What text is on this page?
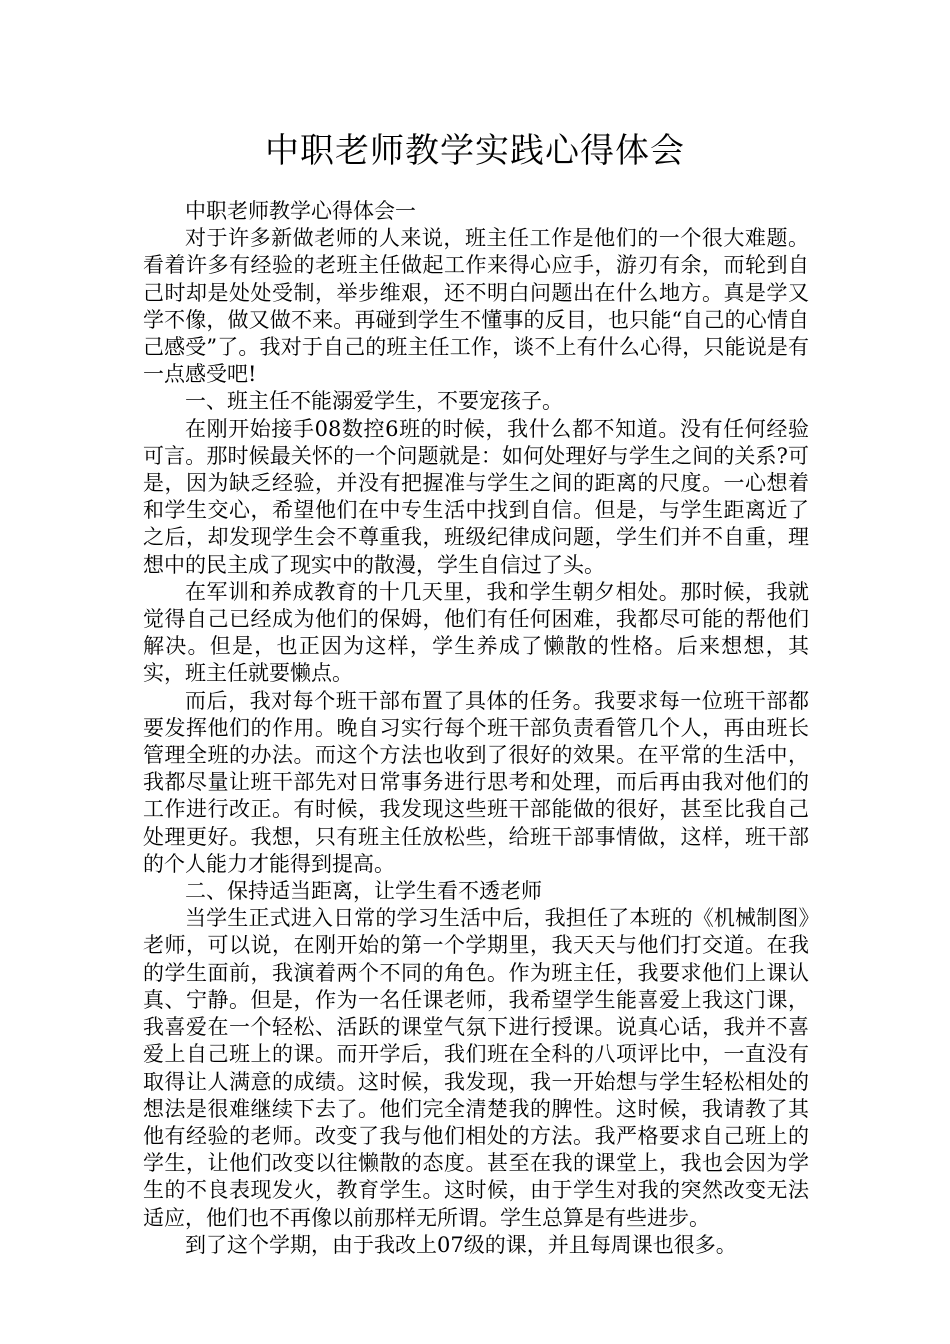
中职老师教学实践心得体会

中职老师教学心得体会一

对于许多新做老师的人来说，班主任工作是他们的一个很大难题。看着许多有经验的老班主任做起工作来得心应手，游刃有余，而轮到自己时却是处处受制，举步维艰，还不明白问题出在什么地方。真是学又学不像，做又做不来。再碰到学生不懂事的反目，也只能“自己的心情自己感受”了。我对于自己的班主任工作，谈不上有什么心得，只能说是有一点感受吧!

一、班主任不能溺爱学生，不要宠孩子。

在刚开始接手08数控6班的时候，我什么都不知道。没有任何经验可言。那时候最关怀的一个问题就是：如何处理好与学生之间的关系?可是，因为缺乏经验，并没有把握准与学生之间的距离的尺度。一心想着和学生交心，希望他们在中专生活中找到自信。但是，与学生距离近了之后，却发现学生会不尊重我，班级纪律成问题，学生们并不自重，理想中的民主成了现实中的散漫，学生自信过了头。

在军训和养成教育的十几天里，我和学生朝夕相处。那时候，我就觉得自己已经成为他们的保姆，他们有任何困难，我都尽可能的帮他们解决。但是，也正因为这样，学生养成了懒散的性格。后来想想，其实，班主任就要懒点。

而后，我对每个班干部布置了具体的任务。我要求每一位班干部都要发挥他们的作用。晚自习实行每个班干部负责看管几个人，再由班长管理全班的办法。而这个方法也收到了很好的效果。在平常的生活中，我都尽量让班干部先对日常事务进行思考和处理，而后再由我对他们的工作进行改正。有时候，我发现这些班干部能做的很好，甚至比我自己处理更好。我想，只有班主任放松些，给班干部事情做，这样，班干部的个人能力才能得到提高。

二、保持适当距离，让学生看不透老师

当学生正式进入日常的学习生活中后，我担任了本班的《机械制图》老师，可以说，在刚开始的第一个学期里，我天天与他们打交道。在我的学生面前，我演着两个不同的角色。作为班主任，我要求他们上课认真、宁静。但是，作为一名任课老师，我希望学生能喜爱上我这门课，我喜爱在一个轻松、活跃的课堂气氛下进行授课。说真心话，我并不喜爱上自己班上的课。而开学后，我们班在全科的八项评比中，一直没有取得让人满意的成绩。这时候，我发现，我一开始想与学生轻松相处的想法是很难继续下去了。他们完全清楚我的脾性。这时候，我请教了其他有经验的老师。改变了我与他们相处的方法。我严格要求自己班上的学生，让他们改变以往懒散的态度。甚至在我的课堂上，我也会因为学生的不良表现发火，教育学生。这时候，由于学生对我的突然改变无法适应，他们也不再像以前那样无所谓。学生总算是有些进步。

到了这个学期，由于我改上07级的课，并且每周课也很多。
